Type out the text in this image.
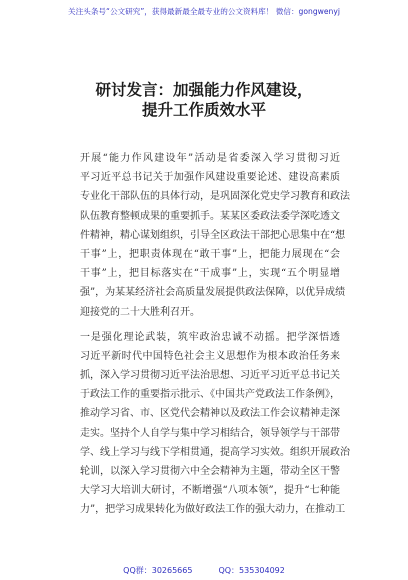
关注头条号“公文研究”，获得最新最全最专业的公文资料库！ 微信：gongwenyj
研讨发言：加强能力作风建设，
提升工作质效水平
开展“能力作风建设年”活动是省委深入学习贯彻习近
平习近平总书记关于加强作风建设重要论述、建设高素质
专业化干部队伍的具体行动，是巩固深化党史学习教育和政法
队伍教育整顿成果的重要抓手。某某区委政法委学深吃透文
件精神，精心谋划组织，引导全区政法干部把心思集中在“想
干事”上，把职责体现在“敢干事”上，把能力展现在“会
干事”上，把目标落实在“干成事”上，实现“五个明显增
强”，为某某经济社会高质量发展提供政法保障，以优异成绩
迎接党的二十大胜利召开。
一是强化理论武装，筑牢政治忠诚不动摇。把学深悟透
习近平新时代中国特色社会主义思想作为根本政治任务来
抓，深入学习贯彻习近平法治思想、习近平习近平总书记关
于政法工作的重要指示批示、《中国共产党政法工作条例》，
推动学习省、市、区党代会精神以及政法工作会议精神走深
走实。坚持个人自学与集中学习相结合，领导领学与干部带
学、线上学习与线下学相贯通，提高学习实效。组织开展政治
轮训，以深入学习贯彻六中全会精神为主题，带动全区干警
大学习大培训大研讨，不断增强“八项本领”，提升“七种能
力”，把学习成果转化为做好政法工作的强大动力，在推动工
QQ群：30265665	QQ：535304092
